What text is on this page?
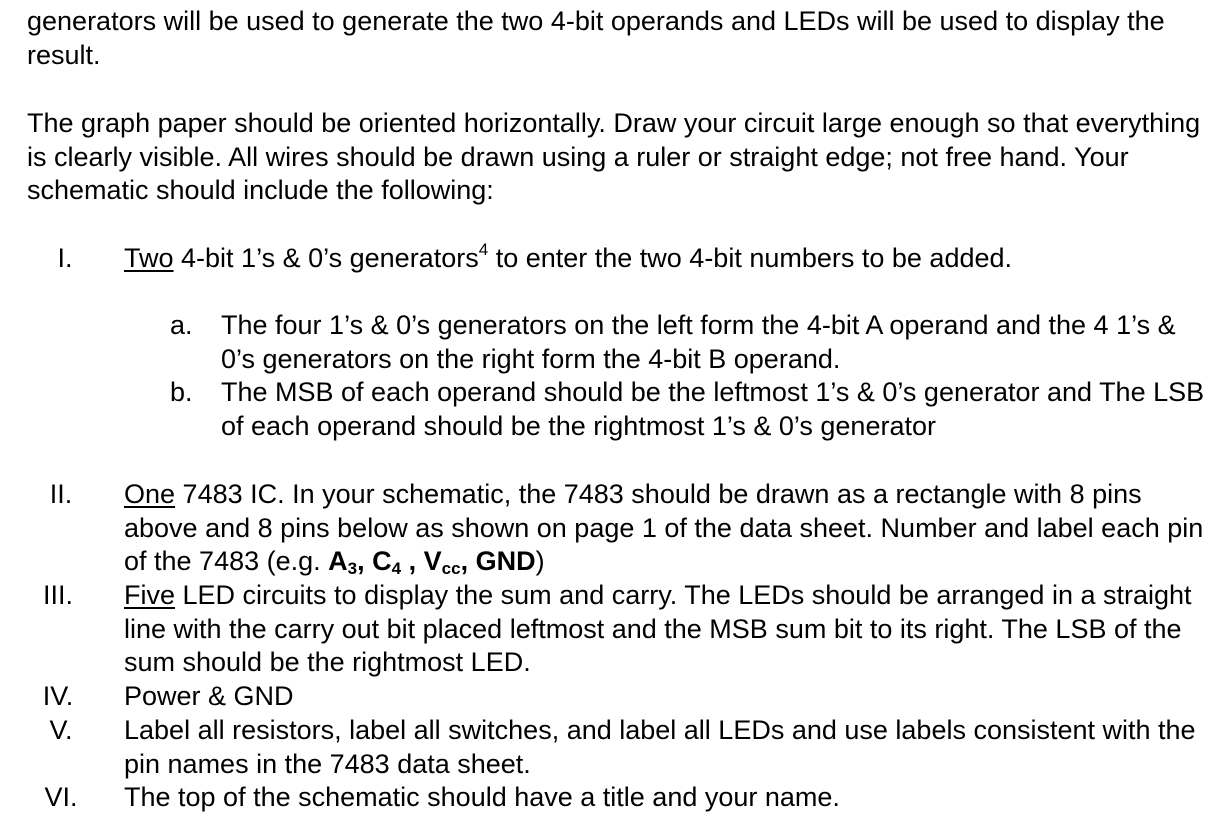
generators will be used to generate the two 4-bit operands and LEDs will be used to display the result.

The graph paper should be oriented horizontally. Draw your circuit large enough so that everything is clearly visible. All wires should be drawn using a ruler or straight edge; not free hand. Your schematic should include the following:

I.	Two 4-bit 1’s & 0’s generators$^4$ to enter the two 4-bit numbers to be added.
a. The four 1’s & 0’s generators on the left form the 4-bit A operand and the 4 1’s & 0’s generators on the right form the 4-bit B operand.
b. The MSB of each operand should be the leftmost 1’s & 0’s generator and The LSB of each operand should be the rightmost 1’s & 0’s generator
II.	One 7483 IC. In your schematic, the 7483 should be drawn as a rectangle with 8 pins above and 8 pins below as shown on page 1 of the data sheet. Number and label each pin of the 7483 (e.g. A3, C4 , Vcc, GND)
III.	Five LED circuits to display the sum and carry. The LEDs should be arranged in a straight line with the carry out bit placed leftmost and the MSB sum bit to its right. The LSB of the sum should be the rightmost LED.
IV.	Power & GND
V.	Label all resistors, label all switches, and label all LEDs and use labels consistent with the pin names in the 7483 data sheet.
VI.	The top of the schematic should have a title and your name.
